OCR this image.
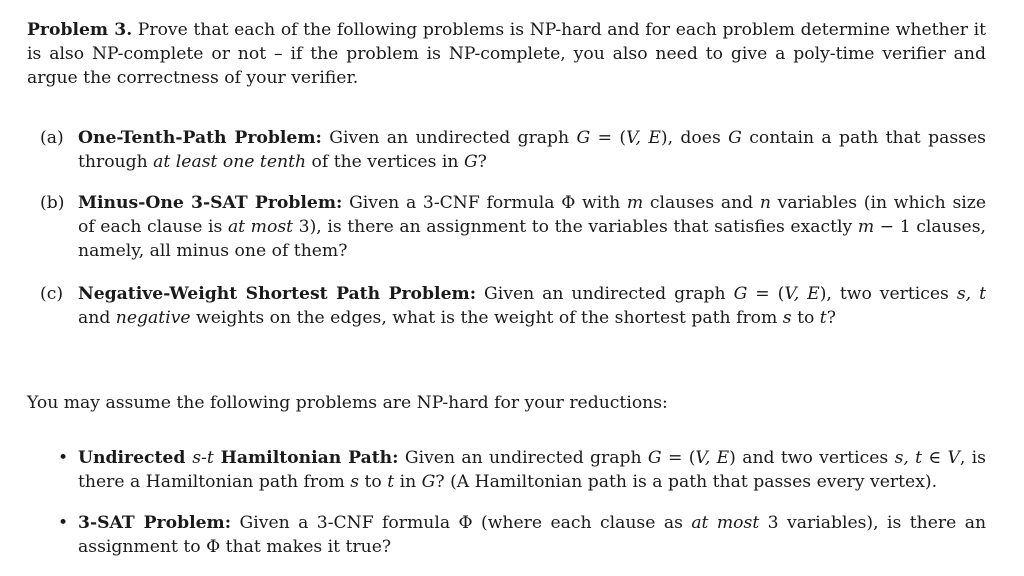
Problem 3. Prove that each of the following problems is NP-hard and for each problem determine whether it is also NP-complete or not – if the problem is NP-complete, you also need to give a poly-time verifier and argue the correctness of your verifier.
(a) One-Tenth-Path Problem: Given an undirected graph G = (V, E), does G contain a path that passes through at least one tenth of the vertices in G?
(b) Minus-One 3-SAT Problem: Given a 3-CNF formula Φ with m clauses and n variables (in which size of each clause is at most 3), is there an assignment to the variables that satisfies exactly m − 1 clauses, namely, all minus one of them?
(c) Negative-Weight Shortest Path Problem: Given an undirected graph G = (V, E), two vertices s, t and negative weights on the edges, what is the weight of the shortest path from s to t?
You may assume the following problems are NP-hard for your reductions:
• Undirected s-t Hamiltonian Path: Given an undirected graph G = (V, E) and two vertices s, t ∈ V, is there a Hamiltonian path from s to t in G? (A Hamiltonian path is a path that passes every vertex).
• 3-SAT Problem: Given a 3-CNF formula Φ (where each clause as at most 3 variables), is there an assignment to Φ that makes it true?
